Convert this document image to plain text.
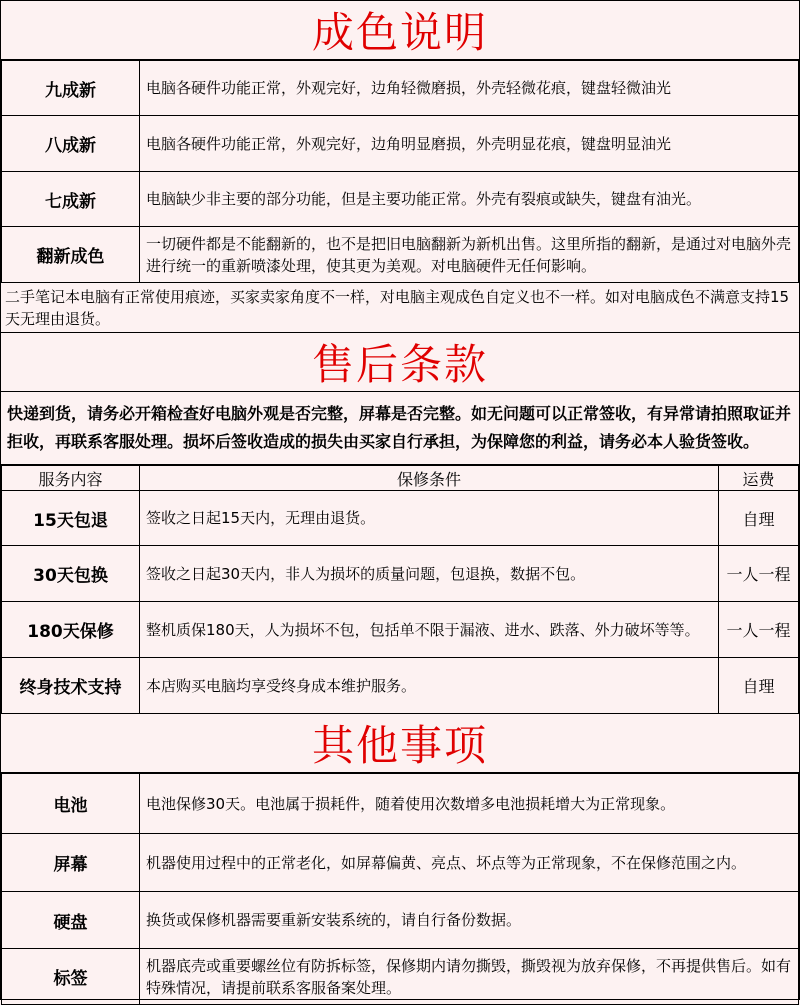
成色说明
九成新	电脑各硬件功能正常，外观完好，边角轻微磨损，外壳轻微花痕，键盘轻微油光
八成新	电脑各硬件功能正常，外观完好，边角明显磨损，外壳明显花痕，键盘明显油光
七成新	电脑缺少非主要的部分功能，但是主要功能正常。外壳有裂痕或缺失，键盘有油光。
翻新成色	一切硬件都是不能翻新的，也不是把旧电脑翻新为新机出售。这里所指的翻新，是通过对电脑外壳进行统一的重新喷漆处理，使其更为美观。对电脑硬件无任何影响。
二手笔记本电脑有正常使用痕迹，买家卖家角度不一样，对电脑主观成色自定义也不一样。如对电脑成色不满意支持15天无理由退货。
售后条款
快递到货，请务必开箱检查好电脑外观是否完整，屏幕是否完整。如无问题可以正常签收，有异常请拍照取证并拒收，再联系客服处理。损坏后签收造成的损失由买家自行承担，为保障您的利益，请务必本人验货签收。
服务内容	保修条件	运费
15天包退	签收之日起15天内，无理由退货。	自理
30天包换	签收之日起30天内，非人为损坏的质量问题，包退换，数据不包。	一人一程
180天保修	整机质保180天，人为损坏不包，包括单不限于漏液、进水、跌落、外力破坏等等。	一人一程
终身技术支持	本店购买电脑均享受终身成本维护服务。	自理
其他事项
电池	电池保修30天。电池属于损耗件，随着使用次数增多电池损耗增大为正常现象。
屏幕	机器使用过程中的正常老化，如屏幕偏黄、亮点、坏点等为正常现象，不在保修范围之内。
硬盘	换货或保修机器需要重新安装系统的，请自行备份数据。
标签	机器底壳或重要螺丝位有防拆标签，保修期内请勿撕毁，撕毁视为放弃保修，不再提供售后。如有特殊情况，请提前联系客服备案处理。
